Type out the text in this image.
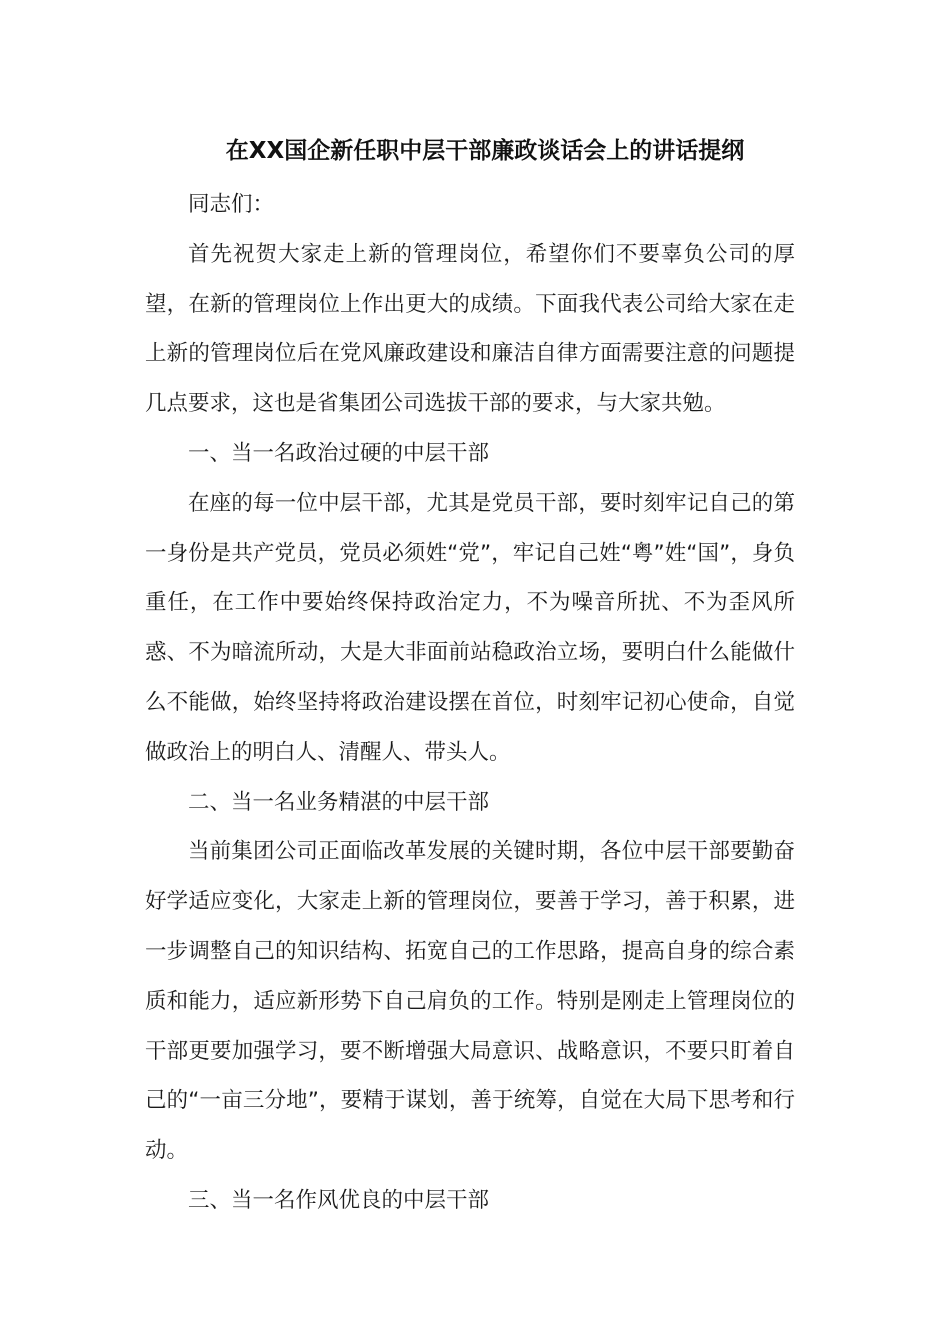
在XX国企新任职中层干部廉政谈话会上的讲话提纲

同志们：

首先祝贺大家走上新的管理岗位，希望你们不要辜负公司的厚望，在新的管理岗位上作出更大的成绩。下面我代表公司给大家在走上新的管理岗位后在党风廉政建设和廉洁自律方面需要注意的问题提几点要求，这也是省集团公司选拔干部的要求，与大家共勉。

一、当一名政治过硬的中层干部

在座的每一位中层干部，尤其是党员干部，要时刻牢记自己的第一身份是共产党员，党员必须姓“党”，牢记自己姓“粤”姓“国”，身负重任，在工作中要始终保持政治定力，不为噪音所扰、不为歪风所惑、不为暗流所动，大是大非面前站稳政治立场，要明白什么能做什么不能做，始终坚持将政治建设摆在首位，时刻牢记初心使命，自觉做政治上的明白人、清醒人、带头人。

二、当一名业务精湛的中层干部

当前集团公司正面临改革发展的关键时期，各位中层干部要勤奋好学适应变化，大家走上新的管理岗位，要善于学习，善于积累，进一步调整自己的知识结构、拓宽自己的工作思路，提高自身的综合素质和能力，适应新形势下自己肩负的工作。特别是刚走上管理岗位的干部更要加强学习，要不断增强大局意识、战略意识，不要只盯着自己的“一亩三分地”，要精于谋划，善于统筹，自觉在大局下思考和行动。

三、当一名作风优良的中层干部
